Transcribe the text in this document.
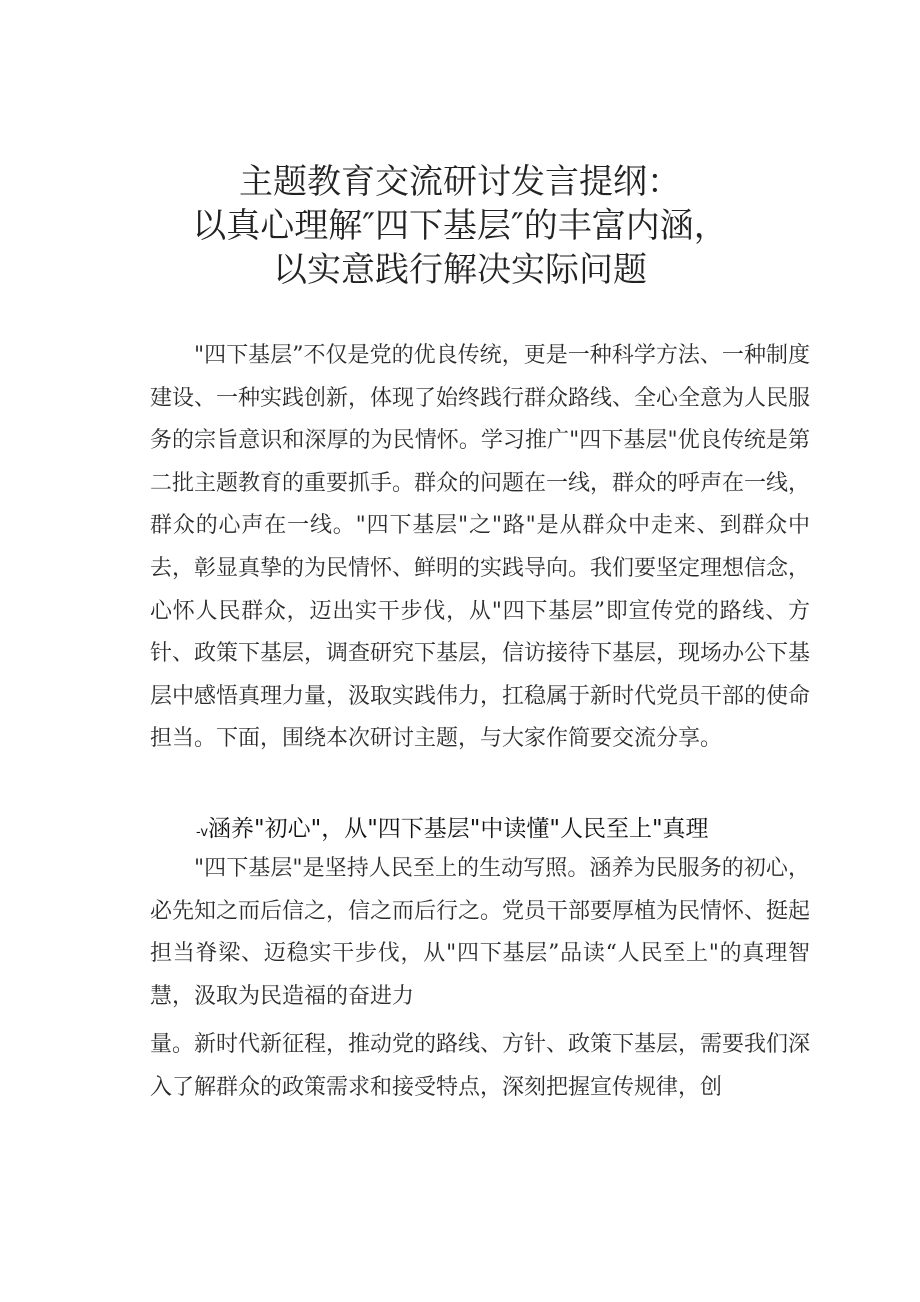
主题教育交流研讨发言提纲：
以真心理解″四下基层″的丰富内涵，
以实意践行解决实际问题

"四下基层”不仅是党的优良传统，更是一种科学方法、一种制度建设、一种实践创新，体现了始终践行群众路线、全心全意为人民服务的宗旨意识和深厚的为民情怀。学习推广"四下基层"优良传统是第二批主题教育的重要抓手。群众的问题在一线，群众的呼声在一线，群众的心声在一线。"四下基层"之"路"是从群众中走来、到群众中去，彰显真挚的为民情怀、鲜明的实践导向。我们要坚定理想信念，心怀人民群众，迈出实干步伐，从"四下基层”即宣传党的路线、方针、政策下基层，调查研究下基层，信访接待下基层，现场办公下基层中感悟真理力量，汲取实践伟力，扛稳属于新时代党员干部的使命担当。下面，围绕本次研讨主题，与大家作简要交流分享。

-v涵养"初心"，从"四下基层"中读懂"人民至上"真理

"四下基层"是坚持人民至上的生动写照。涵养为民服务的初心，必先知之而后信之，信之而后行之。党员干部要厚植为民情怀、挺起担当脊梁、迈稳实干步伐，从"四下基层”品读“人民至上"的真理智慧，汲取为民造福的奋进力

量。新时代新征程，推动党的路线、方针、政策下基层，需要我们深入了解群众的政策需求和接受特点，深刻把握宣传规律，创
